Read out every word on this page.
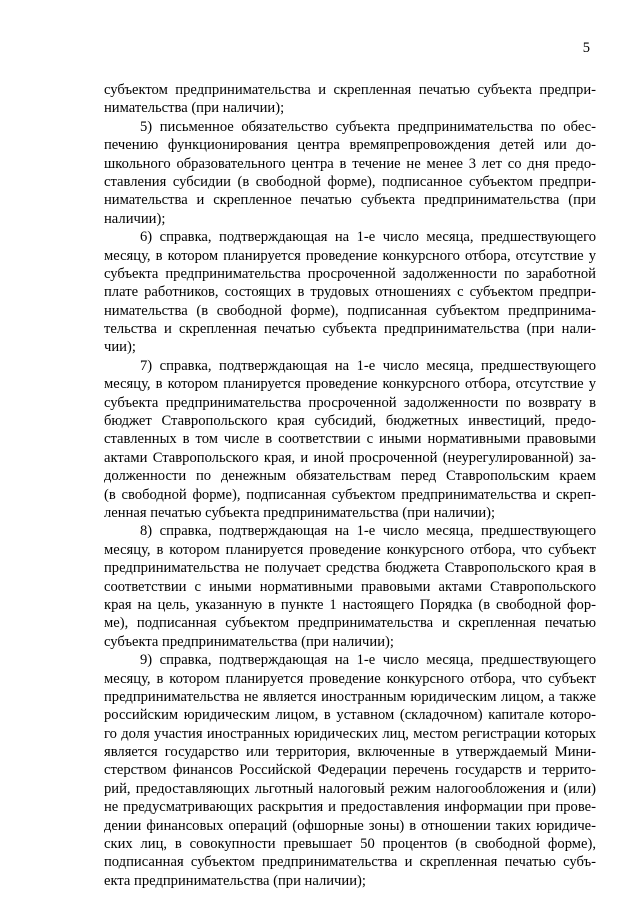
5
субъектом предпринимательства и скрепленная печатью субъекта предпри-
нимательства (при наличии);
5) письменное обязательство субъекта предпринимательства по обес-
печению функционирования центра времяпрепровождения детей или до-
школьного образовательного центра в течение не менее 3 лет со дня предо-
ставления субсидии (в свободной форме), подписанное субъектом предпри-
нимательства и скрепленное печатью субъекта предпринимательства (при
наличии);
6) справка, подтверждающая на 1-е число месяца, предшествующего
месяцу, в котором планируется проведение конкурсного отбора, отсутствие у
субъекта предпринимательства просроченной задолженности по заработной
плате работников, состоящих в трудовых отношениях с субъектом предпри-
нимательства (в свободной форме), подписанная субъектом предпринима-
тельства и скрепленная печатью субъекта предпринимательства (при нали-
чии);
7) справка, подтверждающая на 1-е число месяца, предшествующего
месяцу, в котором планируется проведение конкурсного отбора, отсутствие у
субъекта предпринимательства просроченной задолженности по возврату в
бюджет Ставропольского края субсидий, бюджетных инвестиций, предо-
ставленных в том числе в соответствии с иными нормативными правовыми
актами Ставропольского края, и иной просроченной (неурегулированной) за-
долженности по денежным обязательствам перед Ставропольским краем
(в свободной форме), подписанная субъектом предпринимательства и скреп-
ленная печатью субъекта предпринимательства (при наличии);
8) справка, подтверждающая на 1-е число месяца, предшествующего
месяцу, в котором планируется проведение конкурсного отбора, что субъект
предпринимательства не получает средства бюджета Ставропольского края в
соответствии с иными нормативными правовыми актами Ставропольского
края на цель, указанную в пункте 1 настоящего Порядка (в свободной фор-
ме), подписанная субъектом предпринимательства и скрепленная печатью
субъекта предпринимательства (при наличии);
9) справка, подтверждающая на 1-е число месяца, предшествующего
месяцу, в котором планируется проведение конкурсного отбора, что субъект
предпринимательства не является иностранным юридическим лицом, а также
российским юридическим лицом, в уставном (складочном) капитале которо-
го доля участия иностранных юридических лиц, местом регистрации которых
является государство или территория, включенные в утверждаемый Мини-
стерством финансов Российской Федерации перечень государств и террито-
рий, предоставляющих льготный налоговый режим налогообложения и (или)
не предусматривающих раскрытия и предоставления информации при прове-
дении финансовых операций (офшорные зоны) в отношении таких юридиче-
ских лиц, в совокупности превышает 50 процентов (в свободной форме),
подписанная субъектом предпринимательства и скрепленная печатью субъ-
екта предпринимательства (при наличии);
